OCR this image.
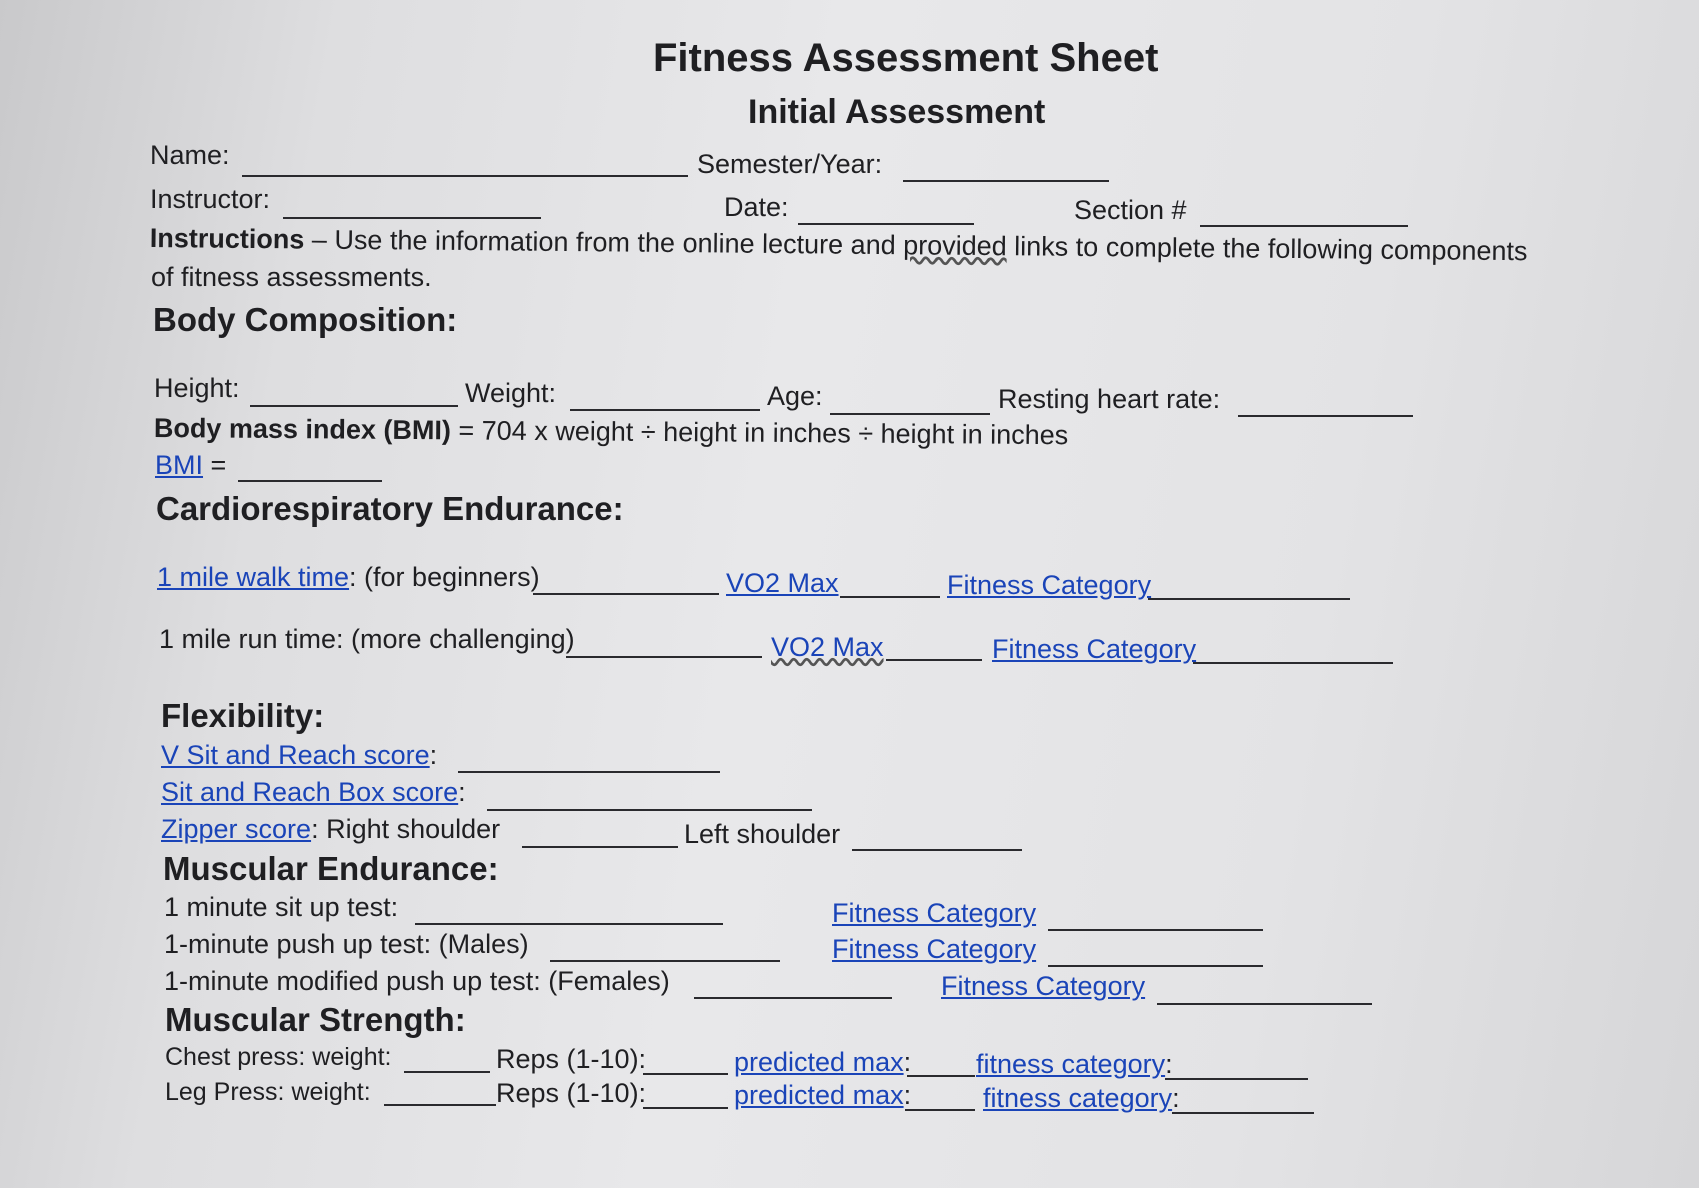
Fitness Assessment Sheet
Initial Assessment
Name:	Semester/Year:
Instructor:	Date:	Section #
Instructions – Use the information from the online lecture and provided links to complete the following components
of fitness assessments.
Body Composition:
Height:	Weight:	Age:	Resting heart rate:
Body mass index (BMI) = 704 x weight ÷ height in inches ÷ height in inches
BMI =
Cardiorespiratory Endurance:
1 mile walk time: (for beginners)	VO2 Max	Fitness Category
1 mile run time: (more challenging)	VO2 Max	Fitness Category
Flexibility:
V Sit and Reach score:
Sit and Reach Box score:
Zipper score: Right shoulder	Left shoulder
Muscular Endurance:
1 minute sit up test:	Fitness Category
1-minute push up test: (Males)	Fitness Category
1-minute modified push up test: (Females)	Fitness Category
Muscular Strength:
Chest press: weight:	Reps (1-10):	predicted max: fitness category:
Leg Press: weight:	Reps (1-10):	predicted max:	fitness category:
